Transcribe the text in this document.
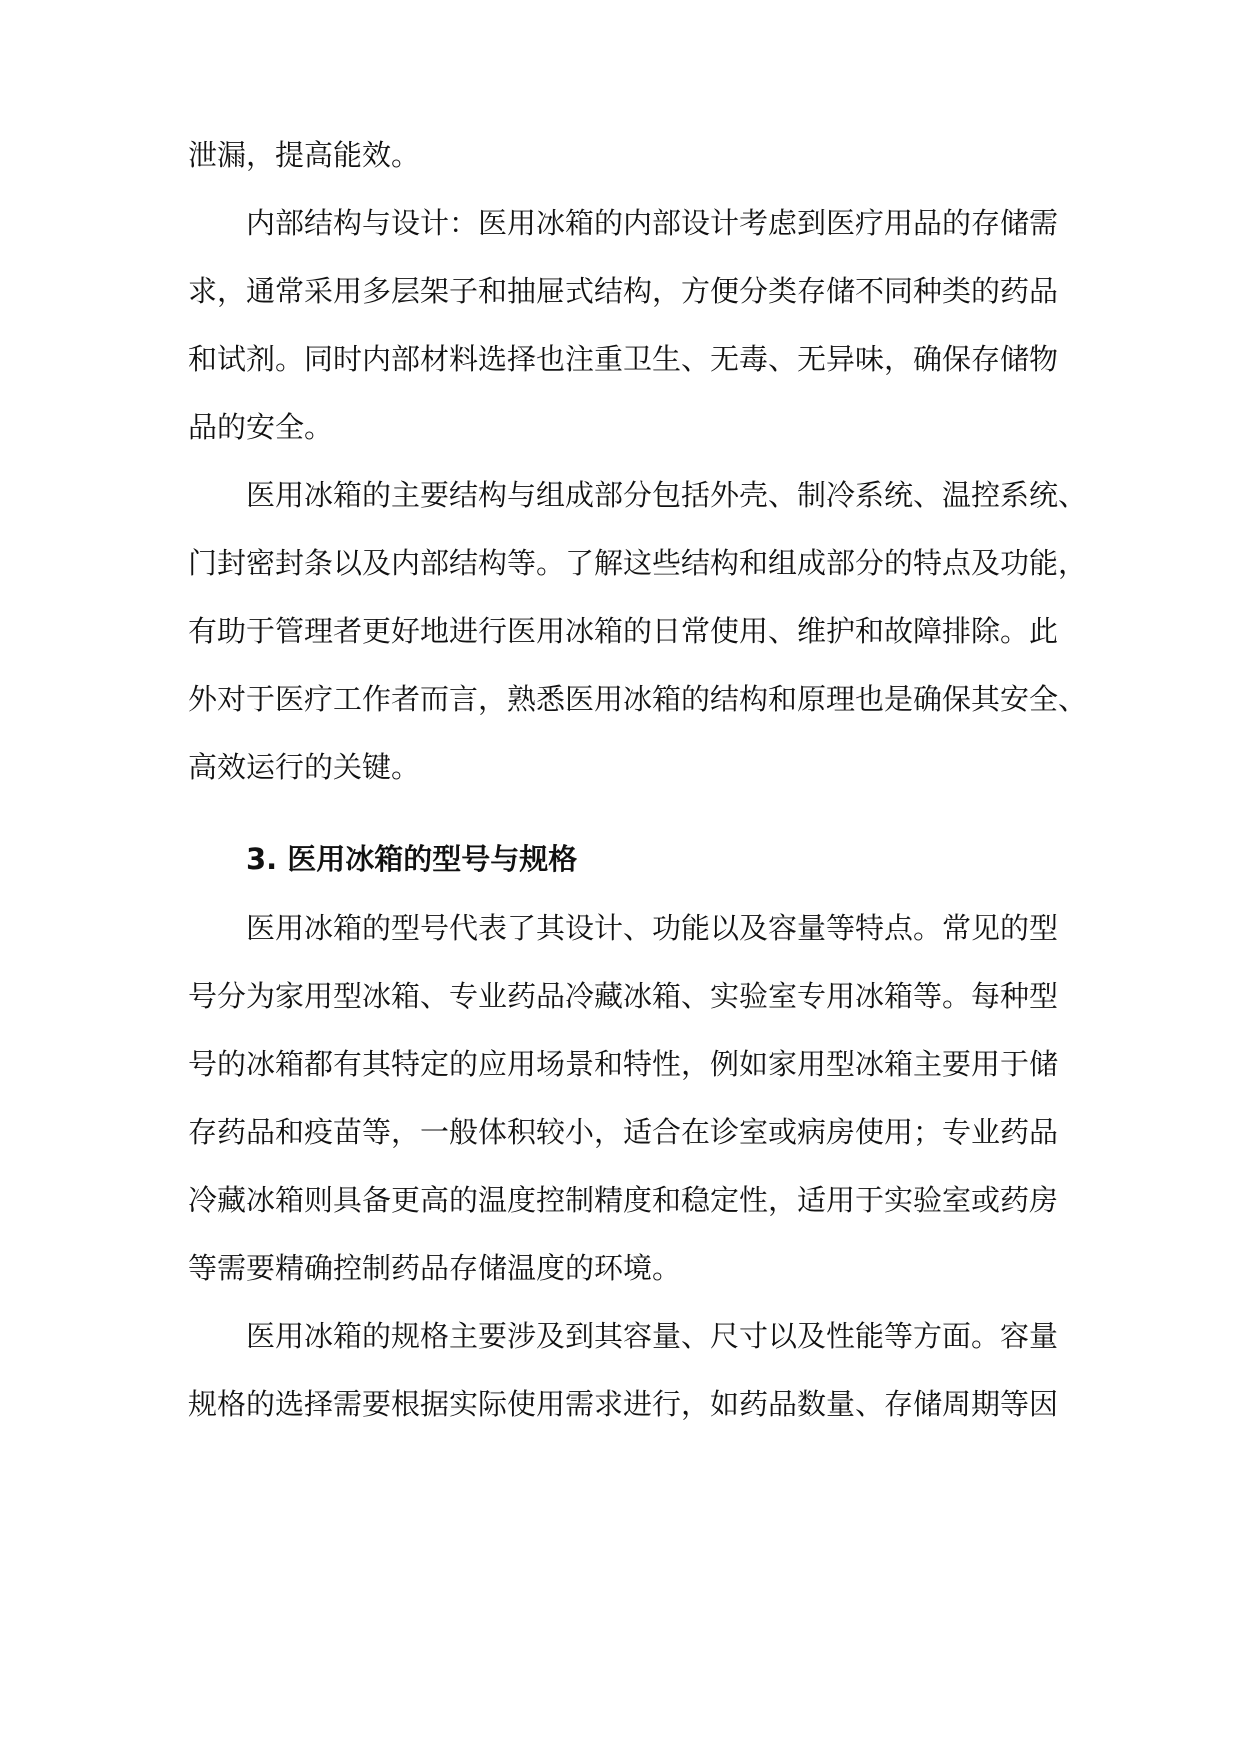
泄漏，提高能效。
内部结构与设计：医用冰箱的内部设计考虑到医疗用品的存储需
求，通常采用多层架子和抽屉式结构，方便分类存储不同种类的药品
和试剂。同时内部材料选择也注重卫生、无毒、无异味，确保存储物
品的安全。
医用冰箱的主要结构与组成部分包括外壳、制冷系统、温控系统、
门封密封条以及内部结构等。了解这些结构和组成部分的特点及功能，
有助于管理者更好地进行医用冰箱的日常使用、维护和故障排除。此
外对于医疗工作者而言，熟悉医用冰箱的结构和原理也是确保其安全、
高效运行的关键。
3. 医用冰箱的型号与规格
医用冰箱的型号代表了其设计、功能以及容量等特点。常见的型
号分为家用型冰箱、专业药品冷藏冰箱、实验室专用冰箱等。每种型
号的冰箱都有其特定的应用场景和特性，例如家用型冰箱主要用于储
存药品和疫苗等，一般体积较小，适合在诊室或病房使用；专业药品
冷藏冰箱则具备更高的温度控制精度和稳定性，适用于实验室或药房
等需要精确控制药品存储温度的环境。
医用冰箱的规格主要涉及到其容量、尺寸以及性能等方面。容量
规格的选择需要根据实际使用需求进行，如药品数量、存储周期等因
